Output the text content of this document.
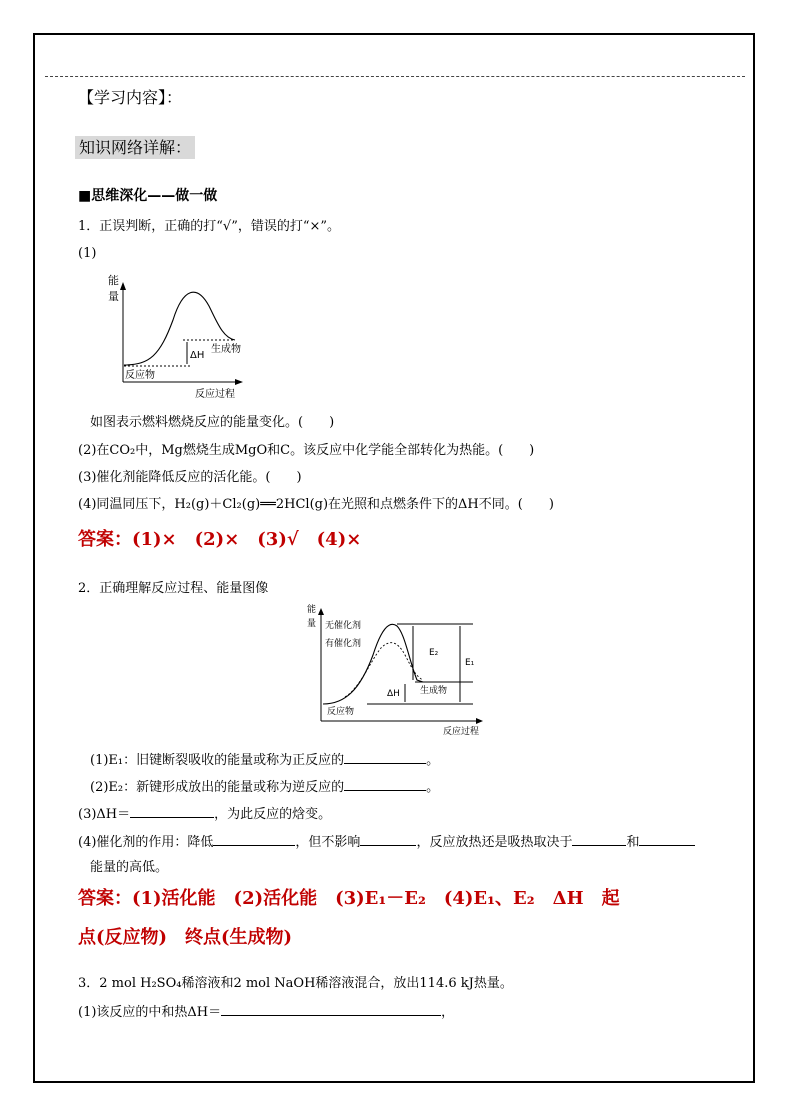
【学习内容】：
知识网络详解：
■思维深化——做一做
1．正误判断，正确的打“√”，错误的打“×”。
(1)
能
量
ΔH
生成物
反应物
反应过程
如图表示燃料燃烧反应的能量变化。(　　)
(2)在CO₂中，Mg燃烧生成MgO和C。该反应中化学能全部转化为热能。(　　)
(3)催化剂能降低反应的活化能。(　　)
(4)同温同压下，H₂(g)＋Cl₂(g)══2HCl(g)在光照和点燃条件下的ΔH不同。(　　)
答案：(1)×　(2)×　(3)√　(4)×
2．正确理解反应过程、能量图像
能
量 无催化剂
有催化剂
E₂
E₁
ΔH 生成物
反应物
反应过程
(1)E₁：旧键断裂吸收的能量或称为正反应的	。
(2)E₂：新键形成放出的能量或称为逆反应的	。
(3)ΔH＝	，为此反应的焓变。
(4)催化剂的作用：降低	，但不影响	，反应放热还是吸热取决于	和
能量的高低。
答案：(1)活化能　(2)活化能　(3)E₁－E₂　(4)E₁、E₂　ΔH　起
点(反应物)　终点(生成物)
3．2 mol H₂SO₄稀溶液和2 mol NaOH稀溶液混合，放出114.6 kJ热量。
(1)该反应的中和热ΔH＝	，
